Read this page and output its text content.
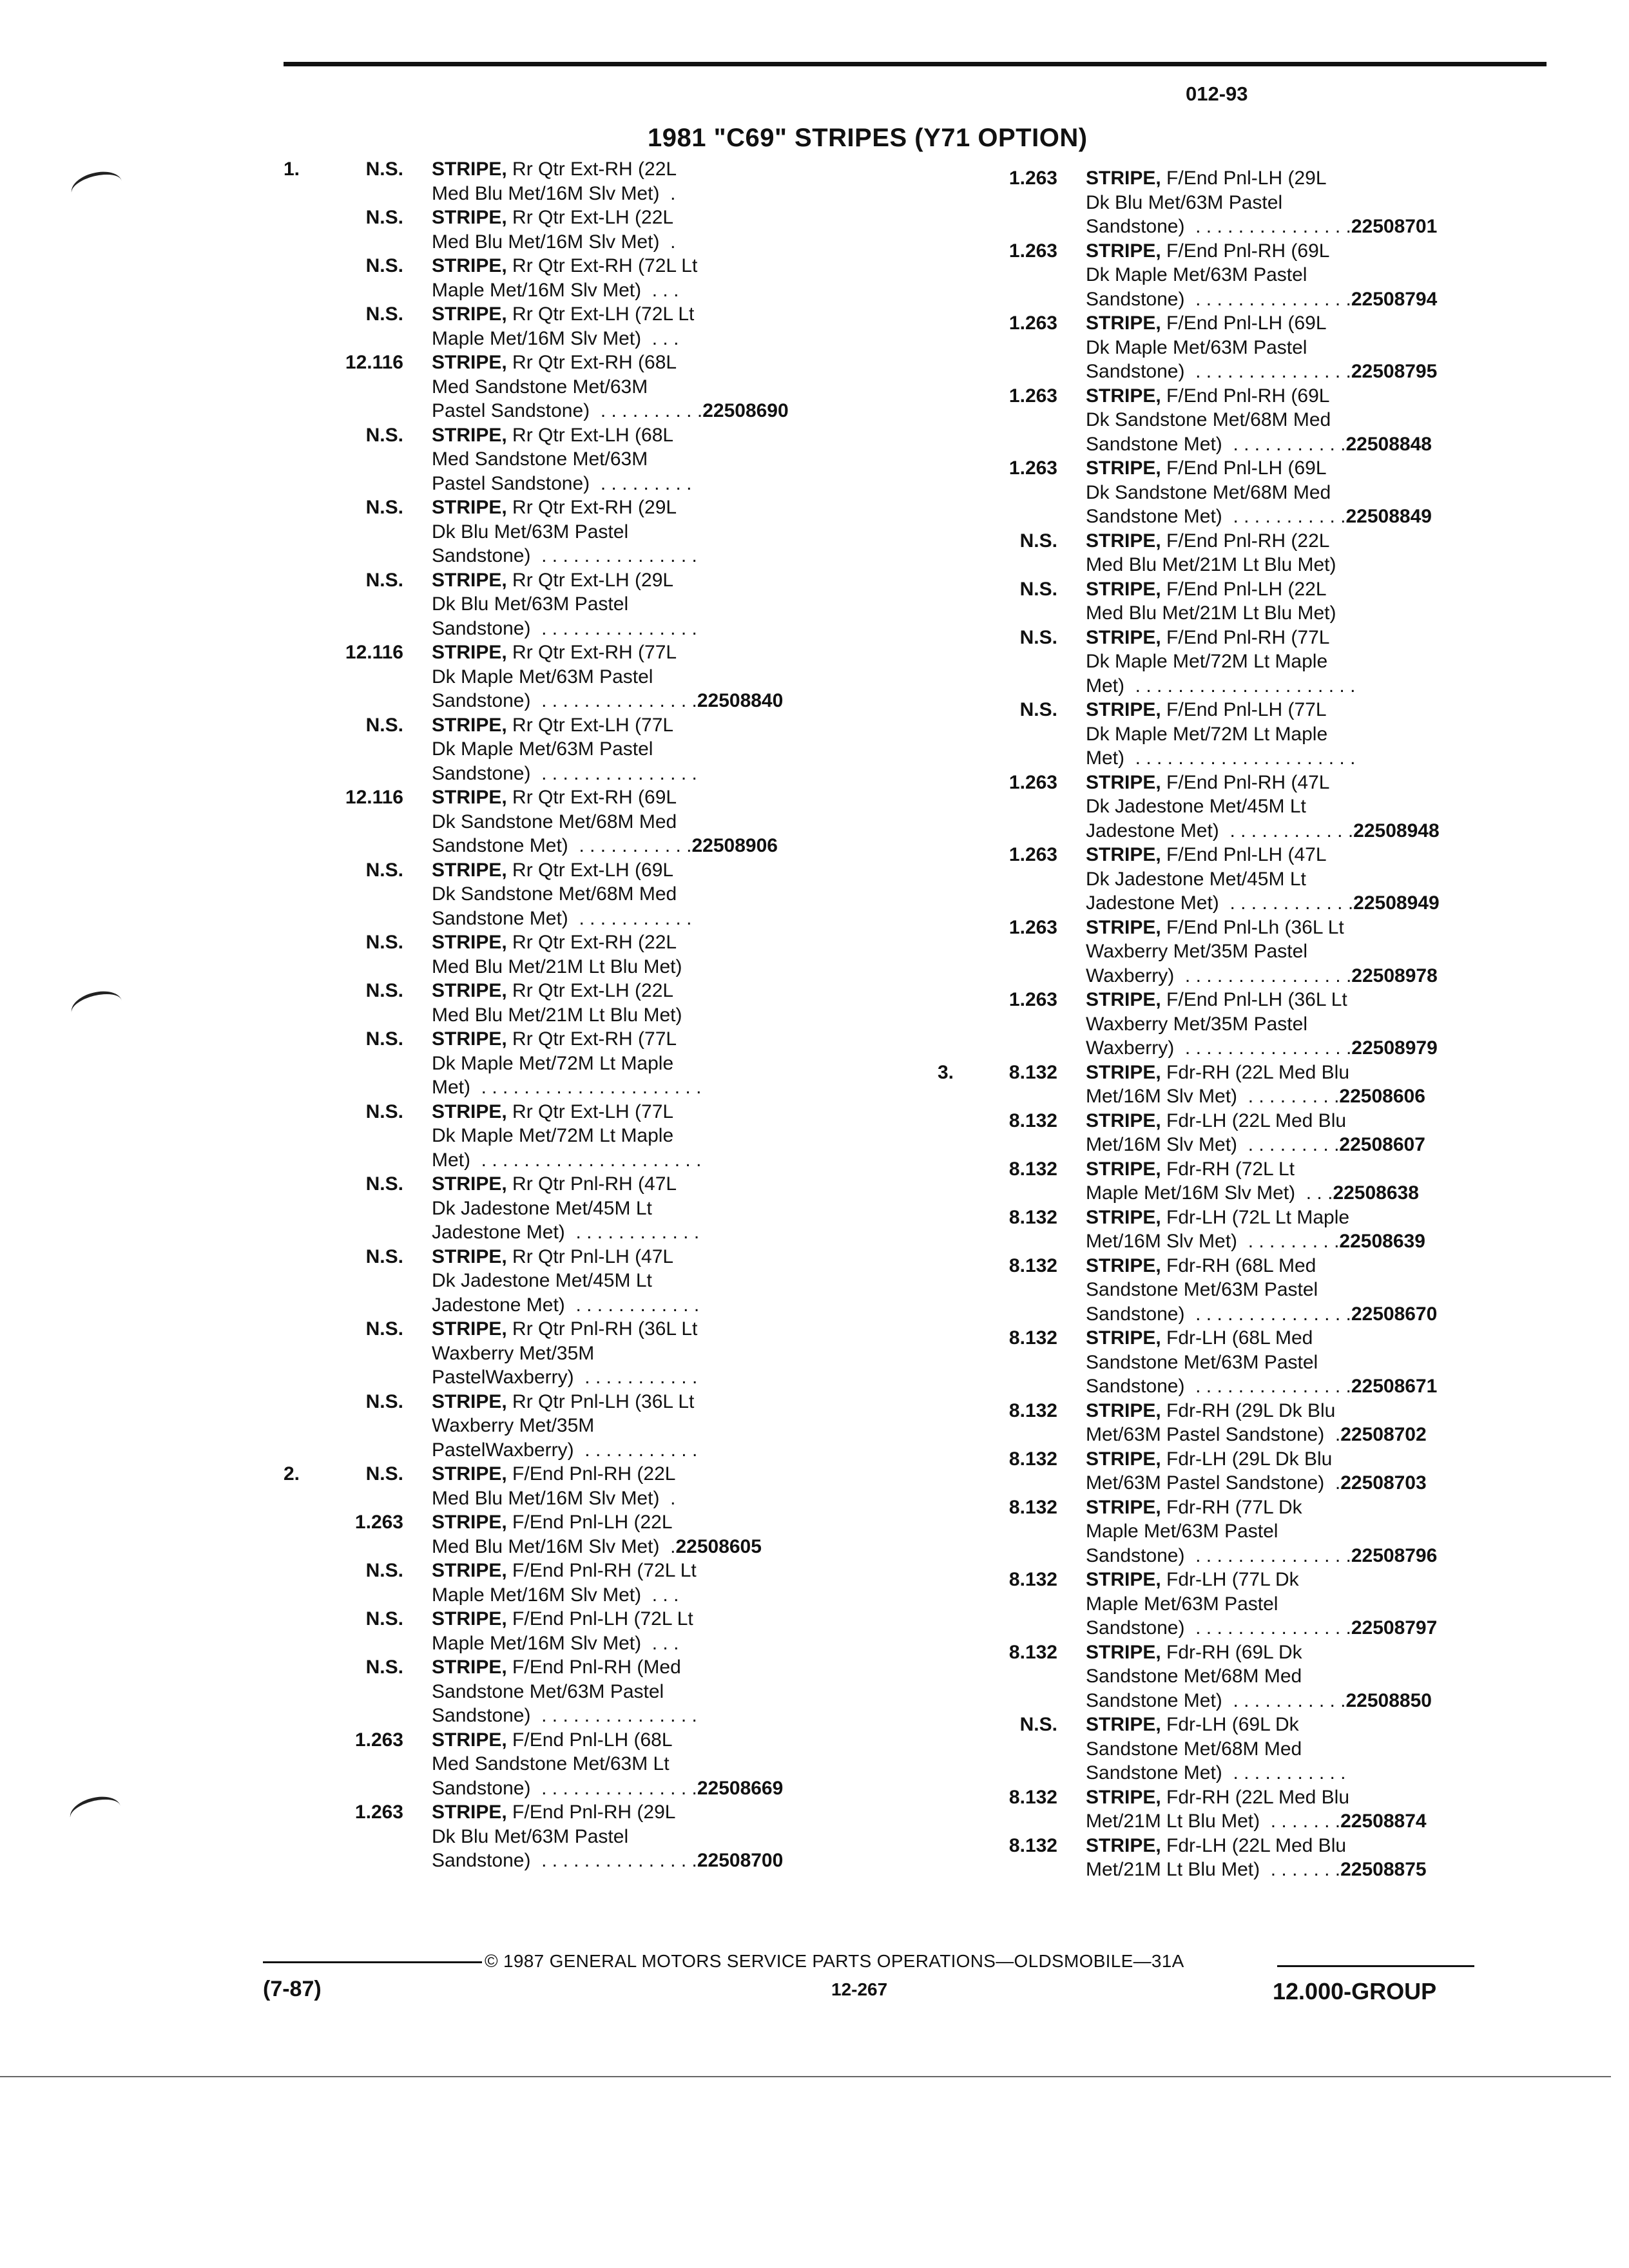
012-93
1981 "C69" STRIPES (Y71 OPTION)
1.	N.S.	STRIPE, Rr Qtr Ext-RH (22L
Med Blu Met/16M Slv Met)  .
N.S.	STRIPE, Rr Qtr Ext-LH (22L
Med Blu Met/16M Slv Met)  .
N.S.	STRIPE, Rr Qtr Ext-RH (72L Lt
Maple Met/16M Slv Met)  . . .
N.S.	STRIPE, Rr Qtr Ext-LH (72L Lt
Maple Met/16M Slv Met)  . . .
12.116	STRIPE, Rr Qtr Ext-RH (68L
Med Sandstone Met/63M
Pastel Sandstone)  . . . . . . . . . .22508690
N.S.	STRIPE, Rr Qtr Ext-LH (68L
Med Sandstone Met/63M
Pastel Sandstone)  . . . . . . . . .
N.S.	STRIPE, Rr Qtr Ext-RH (29L
Dk Blu Met/63M Pastel
Sandstone)  . . . . . . . . . . . . . . .
N.S.	STRIPE, Rr Qtr Ext-LH (29L
Dk Blu Met/63M Pastel
Sandstone)  . . . . . . . . . . . . . . .
12.116	STRIPE, Rr Qtr Ext-RH (77L
Dk Maple Met/63M Pastel
Sandstone)  . . . . . . . . . . . . . . .22508840
N.S.	STRIPE, Rr Qtr Ext-LH (77L
Dk Maple Met/63M Pastel
Sandstone)  . . . . . . . . . . . . . . .
12.116	STRIPE, Rr Qtr Ext-RH (69L
Dk Sandstone Met/68M Med
Sandstone Met)  . . . . . . . . . . .22508906
N.S.	STRIPE, Rr Qtr Ext-LH (69L
Dk Sandstone Met/68M Med
Sandstone Met)  . . . . . . . . . . .
N.S.	STRIPE, Rr Qtr Ext-RH (22L
Med Blu Met/21M Lt Blu Met)
N.S.	STRIPE, Rr Qtr Ext-LH (22L
Med Blu Met/21M Lt Blu Met)
N.S.	STRIPE, Rr Qtr Ext-RH (77L
Dk Maple Met/72M Lt Maple
Met)  . . . . . . . . . . . . . . . . . . . . .
N.S.	STRIPE, Rr Qtr Ext-LH (77L
Dk Maple Met/72M Lt Maple
Met)  . . . . . . . . . . . . . . . . . . . . .
N.S.	STRIPE, Rr Qtr Pnl-RH (47L
Dk Jadestone Met/45M Lt
Jadestone Met)  . . . . . . . . . . . .
N.S.	STRIPE, Rr Qtr Pnl-LH (47L
Dk Jadestone Met/45M Lt
Jadestone Met)  . . . . . . . . . . . .
N.S.	STRIPE, Rr Qtr Pnl-RH (36L Lt
Waxberry Met/35M
PastelWaxberry)  . . . . . . . . . . .
N.S.	STRIPE, Rr Qtr Pnl-LH (36L Lt
Waxberry Met/35M
PastelWaxberry)  . . . . . . . . . . .
2.	N.S.	STRIPE, F/End Pnl-RH (22L
Med Blu Met/16M Slv Met)  .
1.263	STRIPE, F/End Pnl-LH (22L
Med Blu Met/16M Slv Met)  .22508605
N.S.	STRIPE, F/End Pnl-RH (72L Lt
Maple Met/16M Slv Met)  . . .
N.S.	STRIPE, F/End Pnl-LH (72L Lt
Maple Met/16M Slv Met)  . . .
N.S.	STRIPE, F/End Pnl-RH (Med
Sandstone Met/63M Pastel
Sandstone)  . . . . . . . . . . . . . . .
1.263	STRIPE, F/End Pnl-LH (68L
Med Sandstone Met/63M Lt
Sandstone)  . . . . . . . . . . . . . . .22508669
1.263	STRIPE, F/End Pnl-RH (29L
Dk Blu Met/63M Pastel
Sandstone)  . . . . . . . . . . . . . . .22508700
1.263	STRIPE, F/End Pnl-LH (29L
Dk Blu Met/63M Pastel
Sandstone)  . . . . . . . . . . . . . . .22508701
1.263	STRIPE, F/End Pnl-RH (69L
Dk Maple Met/63M Pastel
Sandstone)  . . . . . . . . . . . . . . .22508794
1.263	STRIPE, F/End Pnl-LH (69L
Dk Maple Met/63M Pastel
Sandstone)  . . . . . . . . . . . . . . .22508795
1.263	STRIPE, F/End Pnl-RH (69L
Dk Sandstone Met/68M Med
Sandstone Met)  . . . . . . . . . . .22508848
1.263	STRIPE, F/End Pnl-LH (69L
Dk Sandstone Met/68M Med
Sandstone Met)  . . . . . . . . . . .22508849
N.S.	STRIPE, F/End Pnl-RH (22L
Med Blu Met/21M Lt Blu Met)
N.S.	STRIPE, F/End Pnl-LH (22L
Med Blu Met/21M Lt Blu Met)
N.S.	STRIPE, F/End Pnl-RH (77L
Dk Maple Met/72M Lt Maple
Met)  . . . . . . . . . . . . . . . . . . . . .
N.S.	STRIPE, F/End Pnl-LH (77L
Dk Maple Met/72M Lt Maple
Met)  . . . . . . . . . . . . . . . . . . . . .
1.263	STRIPE, F/End Pnl-RH (47L
Dk Jadestone Met/45M Lt
Jadestone Met)  . . . . . . . . . . . .22508948
1.263	STRIPE, F/End Pnl-LH (47L
Dk Jadestone Met/45M Lt
Jadestone Met)  . . . . . . . . . . . .22508949
1.263	STRIPE, F/End Pnl-Lh (36L Lt
Waxberry Met/35M Pastel
Waxberry)  . . . . . . . . . . . . . . . .22508978
1.263	STRIPE, F/End Pnl-LH (36L Lt
Waxberry Met/35M Pastel
Waxberry)  . . . . . . . . . . . . . . . .22508979
3.	8.132	STRIPE, Fdr-RH (22L Med Blu
Met/16M Slv Met)  . . . . . . . . .22508606
8.132	STRIPE, Fdr-LH (22L Med Blu
Met/16M Slv Met)  . . . . . . . . .22508607
8.132	STRIPE, Fdr-RH (72L Lt
Maple Met/16M Slv Met)  . . .22508638
8.132	STRIPE, Fdr-LH (72L Lt Maple
Met/16M Slv Met)  . . . . . . . . .22508639
8.132	STRIPE, Fdr-RH (68L Med
Sandstone Met/63M Pastel
Sandstone)  . . . . . . . . . . . . . . .22508670
8.132	STRIPE, Fdr-LH (68L Med
Sandstone Met/63M Pastel
Sandstone)  . . . . . . . . . . . . . . .22508671
8.132	STRIPE, Fdr-RH (29L Dk Blu
Met/63M Pastel Sandstone)  .22508702
8.132	STRIPE, Fdr-LH (29L Dk Blu
Met/63M Pastel Sandstone)  .22508703
8.132	STRIPE, Fdr-RH (77L Dk
Maple Met/63M Pastel
Sandstone)  . . . . . . . . . . . . . . .22508796
8.132	STRIPE, Fdr-LH (77L Dk
Maple Met/63M Pastel
Sandstone)  . . . . . . . . . . . . . . .22508797
8.132	STRIPE, Fdr-RH (69L Dk
Sandstone Met/68M Med
Sandstone Met)  . . . . . . . . . . .22508850
N.S.	STRIPE, Fdr-LH (69L Dk
Sandstone Met/68M Med
Sandstone Met)  . . . . . . . . . . .
8.132	STRIPE, Fdr-RH (22L Med Blu
Met/21M Lt Blu Met)  . . . . . . .22508874
8.132	STRIPE, Fdr-LH (22L Med Blu
Met/21M Lt Blu Met)  . . . . . . .22508875
© 1987 GENERAL MOTORS SERVICE PARTS OPERATIONS—OLDSMOBILE—31A
(7-87)	12-267	12.000-GROUP
